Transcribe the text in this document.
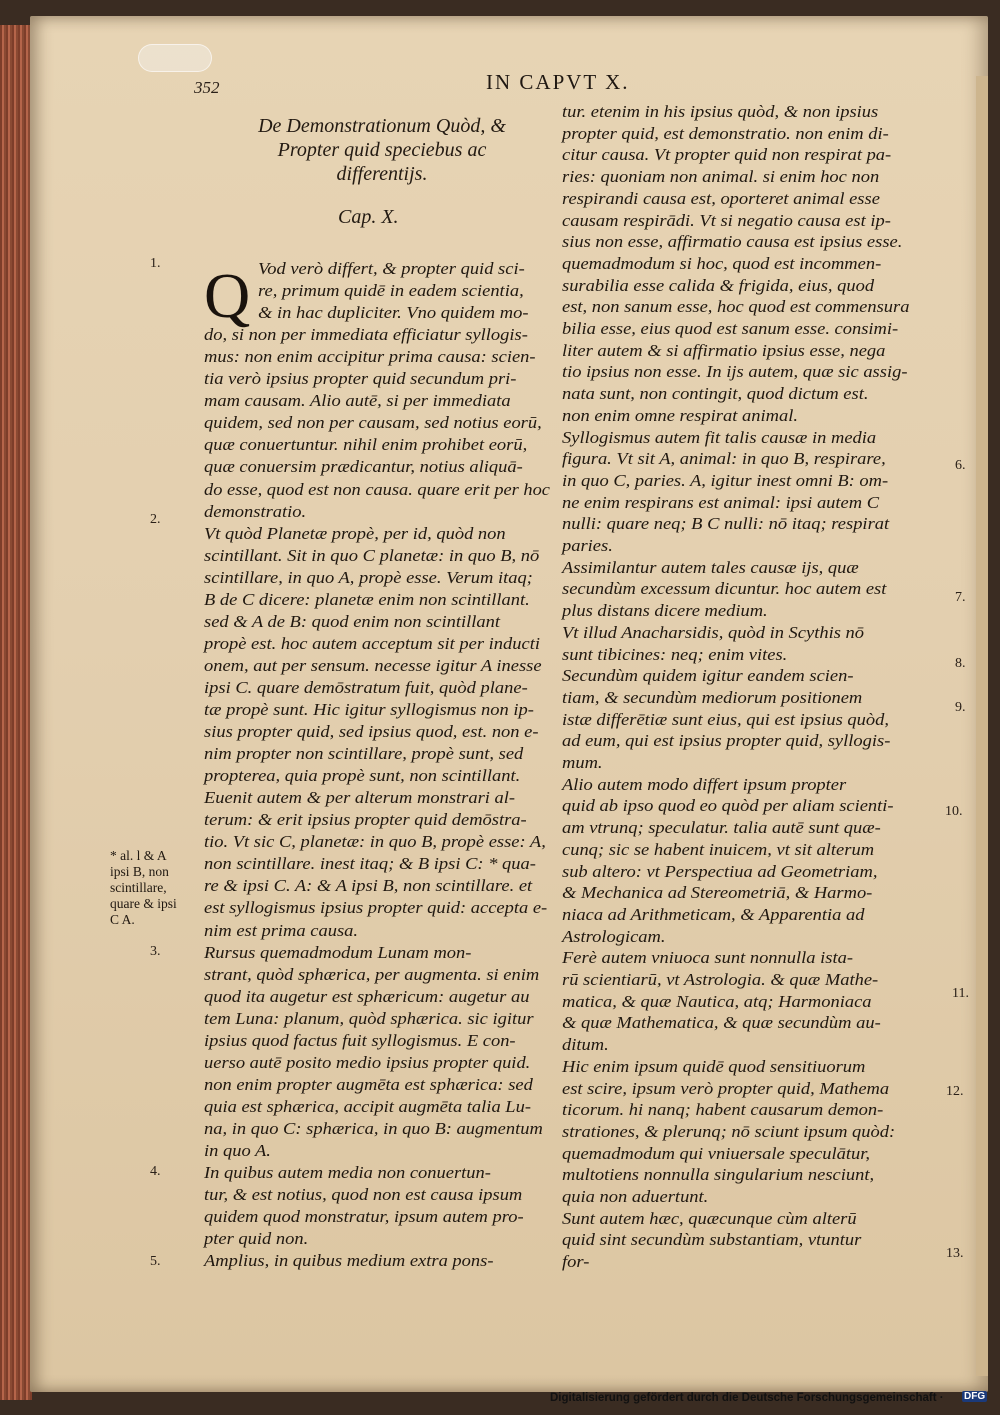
352	IN CAPVT X.
De Demonstrationum Quòd, &
Propter quid speciebus ac
differentijs.
Cap. X.
Q
1.
2.
3.
4.
5.
6.
7.
8.
9.
10.
11.
12.
13.
* al. l & A
ipsi B, non
scintillare,
quare & ipsi
C A.
Digitalisierung gefördert durch die Deutsche Forschungsgemeinschaft · DFG
Vod verò differt, & propter quid sci-
re, primum quidē in eadem scientia,
& in hac dupliciter. Vno quidem mo-
do, si non per immediata efficiatur syllogis-
mus: non enim accipitur prima causa: scien-
tia verò ipsius propter quid secundum pri-
mam causam. Alio autē, si per immediata
quidem, sed non per causam, sed notius eorū,
quæ conuertuntur. nihil enim prohibet eorū,
quæ conuersim prædicantur, notius aliquā-
do esse, quod est non causa. quare erit per hoc
demonstratio.
Vt quòd Planetæ propè, per id, quòd non
scintillant. Sit in quo C planetæ: in quo B, nō
scintillare, in quo A, propè esse. Verum itaq;
B de C dicere: planetæ enim non scintillant.
sed & A de B: quod enim non scintillant
propè est. hoc autem acceptum sit per inducti
onem, aut per sensum. necesse igitur A inesse
ipsi C. quare demōstratum fuit, quòd plane-
tæ propè sunt. Hic igitur syllogismus non ip-
sius propter quid, sed ipsius quod, est. non e-
nim propter non scintillare, propè sunt, sed
propterea, quia propè sunt, non scintillant.
Euenit autem & per alterum monstrari al-
terum: & erit ipsius propter quid demōstra-
tio. Vt sic C, planetæ: in quo B, propè esse: A,
non scintillare. inest itaq; & B ipsi C: * qua-
re & ipsi C. A: & A ipsi B, non scintillare. et
est syllogismus ipsius propter quid: accepta e-
nim est prima causa.
Rursus quemadmodum Lunam mon-
strant, quòd sphærica, per augmenta. si enim
quod ita augetur est sphæricum: augetur au
tem Luna: planum, quòd sphærica. sic igitur
ipsius quod factus fuit syllogismus. E con-
uerso autē posito medio ipsius propter quid.
non enim propter augmēta est sphærica: sed
quia est sphærica, accipit augmēta talia Lu-
na, in quo C: sphærica, in quo B: augmentum
in quo A.
In quibus autem media non conuertun-
tur, & est notius, quod non est causa ipsum
quidem quod monstratur, ipsum autem pro-
pter quid non.
Amplius, in quibus medium extra pons-
tur. etenim in his ipsius quòd, & non ipsius
propter quid, est demonstratio. non enim di-
citur causa. Vt propter quid non respirat pa-
ries: quoniam non animal. si enim hoc non
respirandi causa est, oporteret animal esse
causam respirādi. Vt si negatio causa est ip-
sius non esse, affirmatio causa est ipsius esse.
quemadmodum si hoc, quod est incommen-
surabilia esse calida & frigida, eius, quod
est, non sanum esse, hoc quod est commensura
bilia esse, eius quod est sanum esse. consimi-
liter autem & si affirmatio ipsius esse, nega
tio ipsius non esse. In ijs autem, quæ sic assig-
nata sunt, non contingit, quod dictum est.
non enim omne respirat animal.
Syllogismus autem fit talis causæ in media
figura. Vt sit A, animal: in quo B, respirare,
in quo C, paries. A, igitur inest omni B: om-
ne enim respirans est animal: ipsi autem C
nulli: quare neq; B C nulli: nō itaq; respirat
paries.
Assimilantur autem tales causæ ijs, quæ
secundùm excessum dicuntur. hoc autem est
plus distans dicere medium.
Vt illud Anacharsidis, quòd in Scythis nō
sunt tibicines: neq; enim vites.
Secundùm quidem igitur eandem scien-
tiam, & secundùm mediorum positionem
istæ differētiæ sunt eius, qui est ipsius quòd,
ad eum, qui est ipsius propter quid, syllogis-
mum.
Alio autem modo differt ipsum propter
quid ab ipso quod eo quòd per aliam scienti-
am vtrunq; speculatur. talia autē sunt quæ-
cunq; sic se habent inuicem, vt sit alterum
sub altero: vt Perspectiua ad Geometriam,
& Mechanica ad Stereometriā, & Harmo-
niaca ad Arithmeticam, & Apparentia ad
Astrologicam.
Ferè autem vniuoca sunt nonnulla ista-
rū scientiarū, vt Astrologia. & quæ Mathe-
matica, & quæ Nautica, atq; Harmoniaca
& quæ Mathematica, & quæ secundùm au-
ditum.
Hic enim ipsum quidē quod sensitiuorum
est scire, ipsum verò propter quid, Mathema
ticorum. hi nanq; habent causarum demon-
strationes, & plerunq; nō sciunt ipsum quòd:
quemadmodum qui vniuersale speculātur,
multotiens nonnulla singularium nesciunt,
quia non aduertunt.
Sunt autem hæc, quæcunque cùm alterū
quid sint secundùm substantiam, vtuntur
for-
